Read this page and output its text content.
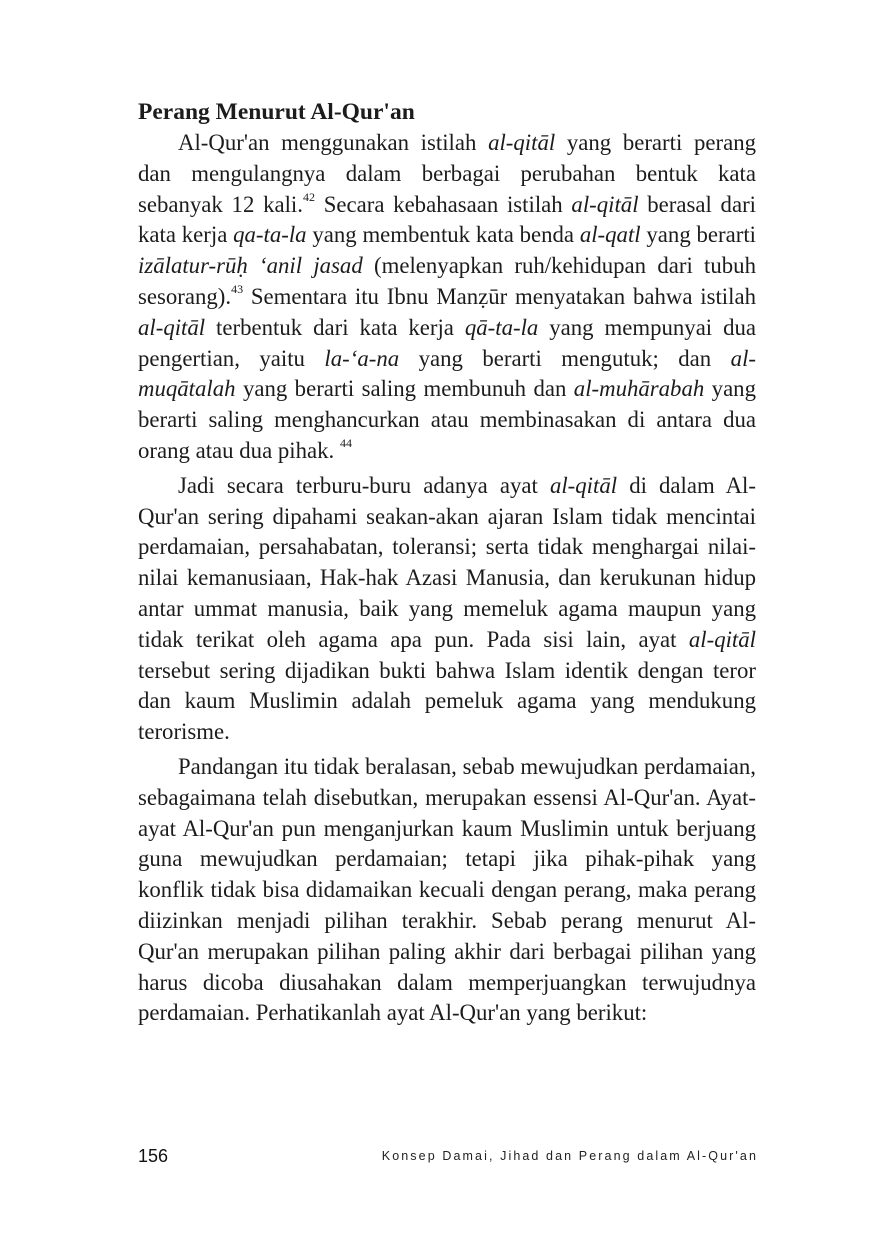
Perang Menurut Al-Qur'an

Al-Qur'an menggunakan istilah al-qitāl yang berarti perang dan mengulangnya dalam berbagai perubahan bentuk kata sebanyak 12 kali.$^{42}$ Secara kebahasaan istilah al-qitāl berasal dari kata kerja qa-ta-la yang membentuk kata benda al-qatl yang berarti izālatur-rūḥ ‘anil jasad (melenyapkan ruh/kehidupan dari tubuh sesorang).$^{43}$ Sementara itu Ibnu Manẓūr menyatakan bahwa istilah al-qitāl terbentuk dari kata kerja qā-ta-la yang mempunyai dua pengertian, yaitu la-‘a-na yang berarti mengutuk; dan al-muqātalah yang berarti saling membunuh dan al-muhārabah yang berarti saling menghancurkan atau membinasakan di antara dua orang atau dua pihak. $^{44}$

Jadi secara terburu-buru adanya ayat al-qitāl di dalam Al-Qur'an sering dipahami seakan-akan ajaran Islam tidak mencintai perdamaian, persahabatan, toleransi; serta tidak menghargai nilai-nilai kemanusiaan, Hak-hak Azasi Manusia, dan kerukunan hidup antar ummat manusia, baik yang memeluk agama maupun yang tidak terikat oleh agama apa pun. Pada sisi lain, ayat al-qitāl tersebut sering dijadikan bukti bahwa Islam identik dengan teror dan kaum Muslimin adalah pemeluk agama yang mendukung terorisme.

Pandangan itu tidak beralasan, sebab mewujudkan perdamaian, sebagaimana telah disebutkan, merupakan essensi Al-Qur'an. Ayat-ayat Al-Qur'an pun menganjurkan kaum Muslimin untuk berjuang guna mewujudkan perdamaian; tetapi jika pihak-pihak yang konflik tidak bisa didamaikan kecuali dengan perang, maka perang diizinkan menjadi pilihan terakhir. Sebab perang menurut Al-Qur'an merupakan pilihan paling akhir dari berbagai pilihan yang harus dicoba diusahakan dalam memperjuangkan terwujudnya perdamaian. Perhatikanlah ayat Al-Qur'an yang berikut:

156	Konsep Damai, Jihad dan Perang dalam Al-Qur'an
